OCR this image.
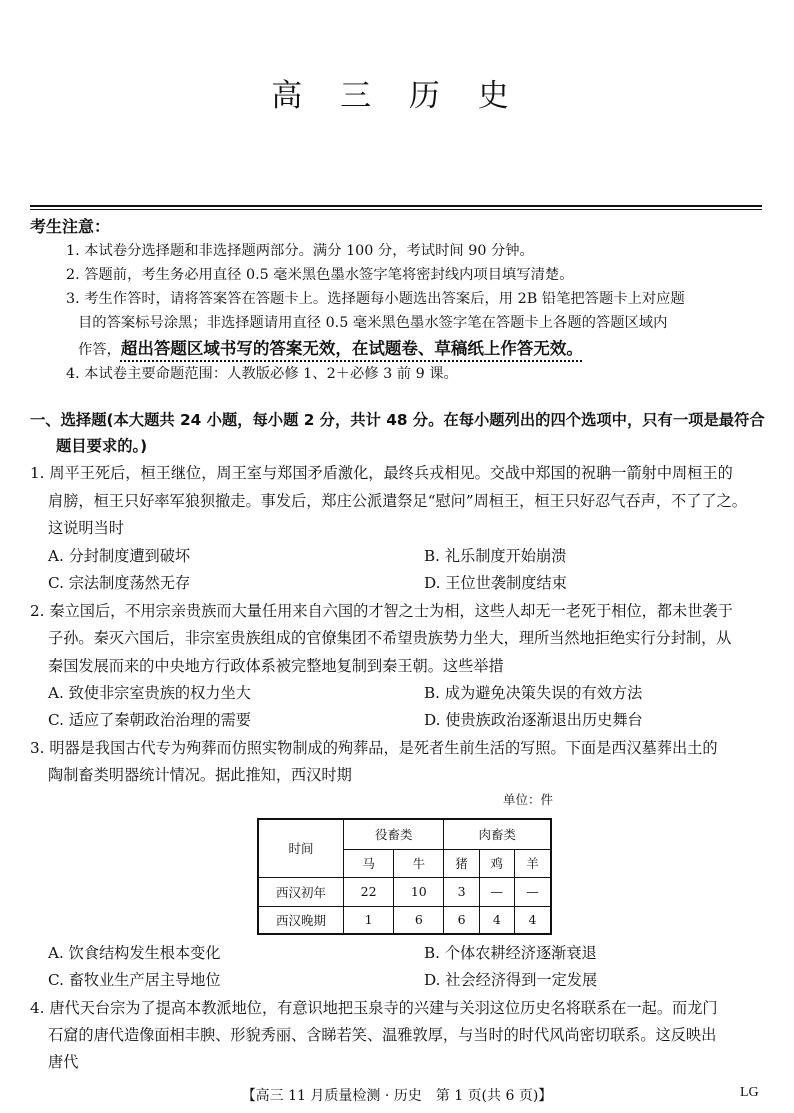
高 三 历 史
考生注意：
1. 本试卷分选择题和非选择题两部分。满分 100 分，考试时间 90 分钟。
2. 答题前，考生务必用直径 0.5 毫米黑色墨水签字笔将密封线内项目填写清楚。
3. 考生作答时，请将答案答在答题卡上。选择题每小题选出答案后，用 2B 铅笔把答题卡上对应题
目的答案标号涂黑；非选择题请用直径 0.5 毫米黑色墨水签字笔在答题卡上各题的答题区域内
作答，超出答题区域书写的答案无效，在试题卷、草稿纸上作答无效。
4. 本试卷主要命题范围：人教版必修 1、2＋必修 3 前 9 课。
一、选择题(本大题共 24 小题，每小题 2 分，共计 48 分。在每小题列出的四个选项中，只有一项是最符合
题目要求的。)
1. 周平王死后，桓王继位，周王室与郑国矛盾激化，最终兵戎相见。交战中郑国的祝聃一箭射中周桓王的
肩膀，桓王只好率军狼狈撤走。事发后，郑庄公派遣祭足“慰问”周桓王，桓王只好忍气吞声，不了了之。
这说明当时
A. 分封制度遭到破坏	B. 礼乐制度开始崩溃
C. 宗法制度荡然无存	D. 王位世袭制度结束
2. 秦立国后，不用宗亲贵族而大量任用来自六国的才智之士为相，这些人却无一老死于相位，都未世袭于
子孙。秦灭六国后，非宗室贵族组成的官僚集团不希望贵族势力坐大，理所当然地拒绝实行分封制，从
秦国发展而来的中央地方行政体系被完整地复制到秦王朝。这些举措
A. 致使非宗室贵族的权力坐大	B. 成为避免决策失误的有效方法
C. 适应了秦朝政治治理的需要	D. 使贵族政治逐渐退出历史舞台
3. 明器是我国古代专为殉葬而仿照实物制成的殉葬品，是死者生前生活的写照。下面是西汉墓葬出土的
陶制畜类明器统计情况。据此推知，西汉时期
单位：件
时间	役畜类		肉畜类		
	马	牛	猪	鸡	羊
西汉初年	22	10	3	—	—
西汉晚期	1	6	6	4	4
A. 饮食结构发生根本变化	B. 个体农耕经济逐渐衰退
C. 畜牧业生产居主导地位	D. 社会经济得到一定发展
4. 唐代天台宗为了提高本教派地位，有意识地把玉泉寺的兴建与关羽这位历史名将联系在一起。而龙门
石窟的唐代造像面相丰腴、形貌秀丽、含睇若笑、温雅敦厚，与当时的时代风尚密切联系。这反映出
唐代
【高三 11 月质量检测 · 历史　第 1 页(共 6 页)】	LG
